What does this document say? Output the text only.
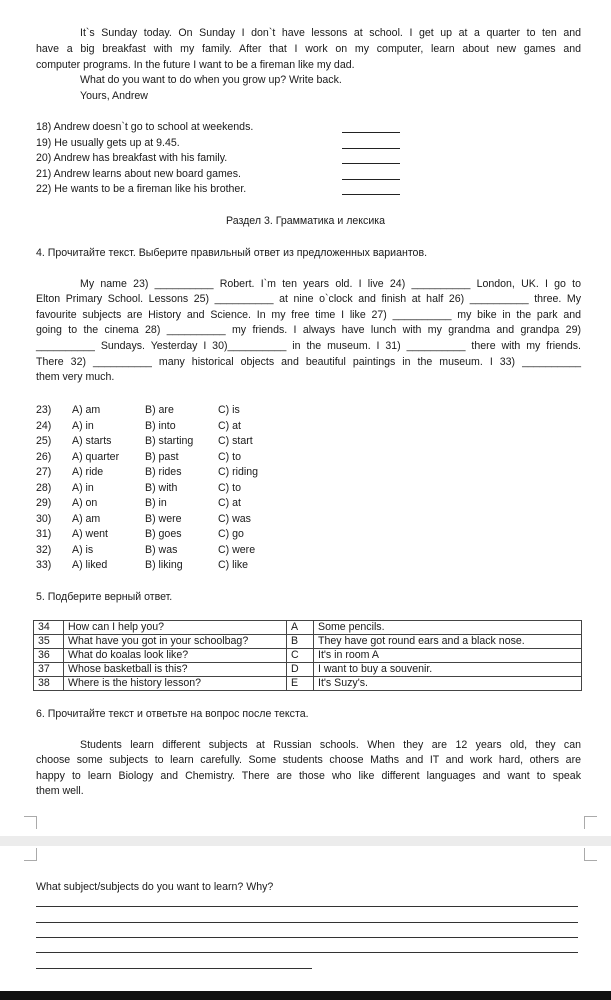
It`s Sunday today. On Sunday I don`t have lessons at school. I get up at a quarter to ten and
have a big breakfast with my family. After that I work on my computer, learn about new games and
computer programs. In the future I want to be a fireman like my dad.
What do you want to do when you grow up? Write back.
Yours, Andrew
18) Andrew doesn`t go to school at weekends.
19) He usually gets up at 9.45.
20) Andrew has breakfast with his family.
21) Andrew learns about new board games.
22) He wants to be a fireman like his brother.
Раздел 3. Грамматика и лексика
4. Прочитайте текст. Выберите правильный ответ из предложенных вариантов.
My name 23) __________ Robert. I`m ten years old. I live 24) __________ London, UK. I go to
Elton Primary School. Lessons 25) __________ at nine o`clock and finish at half 26) __________ three. My
favourite subjects are History and Science. In my free time I like 27) __________ my bike in the park and
going to the cinema 28) __________ my friends. I always have lunch with my grandma and grandpa 29)
__________ Sundays. Yesterday I 30)__________ in the museum. I 31) __________ there with my friends.
There 32) __________ many historical objects and beautiful paintings in the museum. I 33) __________
them very much.
23) A) am	B) are	C) is
24) A) in	B) into	C) at
25) A) starts	B) starting C) start
26) A) quarter B) past	C) to
27) A) ride	B) rides	C) riding
28) A) in	B) with	C) to
29) A) on	B) in	C) at
30) A) am	B) were	C) was
31) A) went	B) goes	C) go
32) A) is	B) was	C) were
33) A) liked	B) liking	C) like
5. Подберите верный ответ.
34	How can I help you?	A	Some pencils.
35	What have you got in your schoolbag?	B	They have got round ears and a black nose.
36	What do koalas look like?	C	It's in room A
37	Whose basketball is this?	D	I want to buy a souvenir.
38	Where is the history lesson?	E	It's Suzy's.
6. Прочитайте текст и ответьте на вопрос после текста.
Students learn different subjects at Russian schools. When they are 12 years old, they can
choose some subjects to learn carefully. Some students choose Maths and IT and work hard, others are
happy to learn Biology and Chemistry. There are those who like different languages and want to speak
them well.
What subject/subjects do you want to learn? Why?
